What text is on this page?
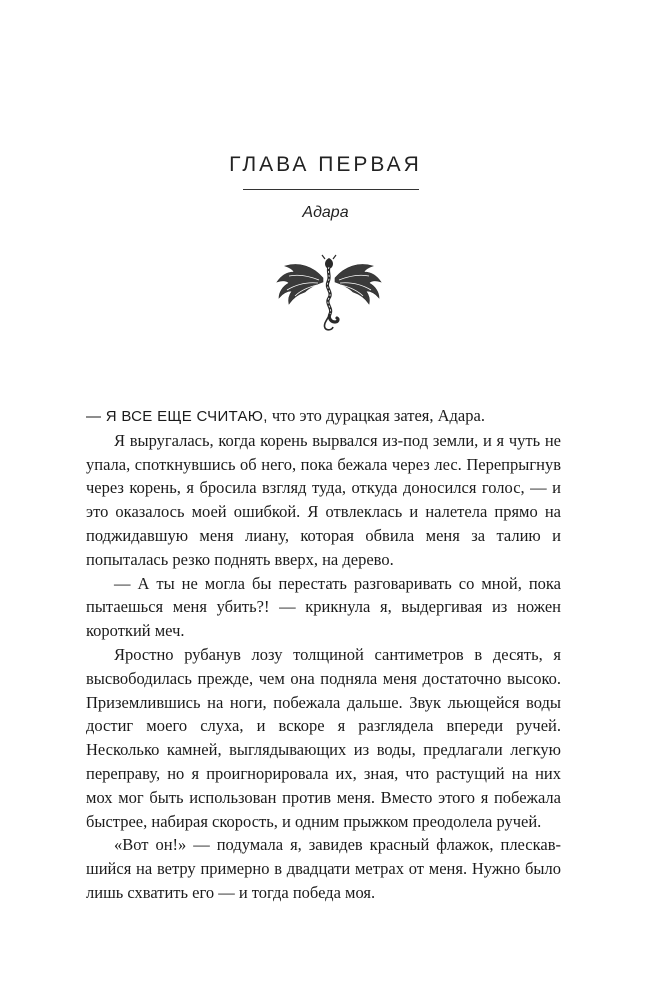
ГЛАВА ПЕРВАЯ
Адара

— Я ВСЕ ЕЩЕ СЧИТАЮ, что это дурацкая затея, Адара.

Я выругалась, когда корень вырвался из-под земли, и я чуть не упала, споткнувшись об него, пока бежала через лес. Перепрыгнув через корень, я бросила взгляд туда, откуда доносился голос, — и это оказалось моей ошибкой. Я отвлеклась и налетела прямо на поджидавшую меня лиану, которая обвила меня за талию и попыталась резко поднять вверх, на дерево.

— А ты не могла бы перестать разговаривать со мной, пока пытаешься меня убить?! — крикнула я, выдергивая из ножен короткий меч.

Яростно рубанув лозу толщиной сантиметров в десять, я высвободилась прежде, чем она подняла меня достаточно высоко. Приземлившись на ноги, побежала дальше. Звук льющейся воды достиг моего слуха, и вскоре я разглядела впереди ручей. Несколько камней, выглядывающих из воды, предлагали легкую переправу, но я проигнорировала их, зная, что растущий на них мох мог быть использован против меня. Вместо этого я побежала быстрее, набирая скорость, и одним прыжком преодолела ручей.

«Вот он!» — подумала я, завидев красный флажок, плескавшийся на ветру примерно в двадцати метрах от меня. Нужно было лишь схватить его — и тогда победа моя.
